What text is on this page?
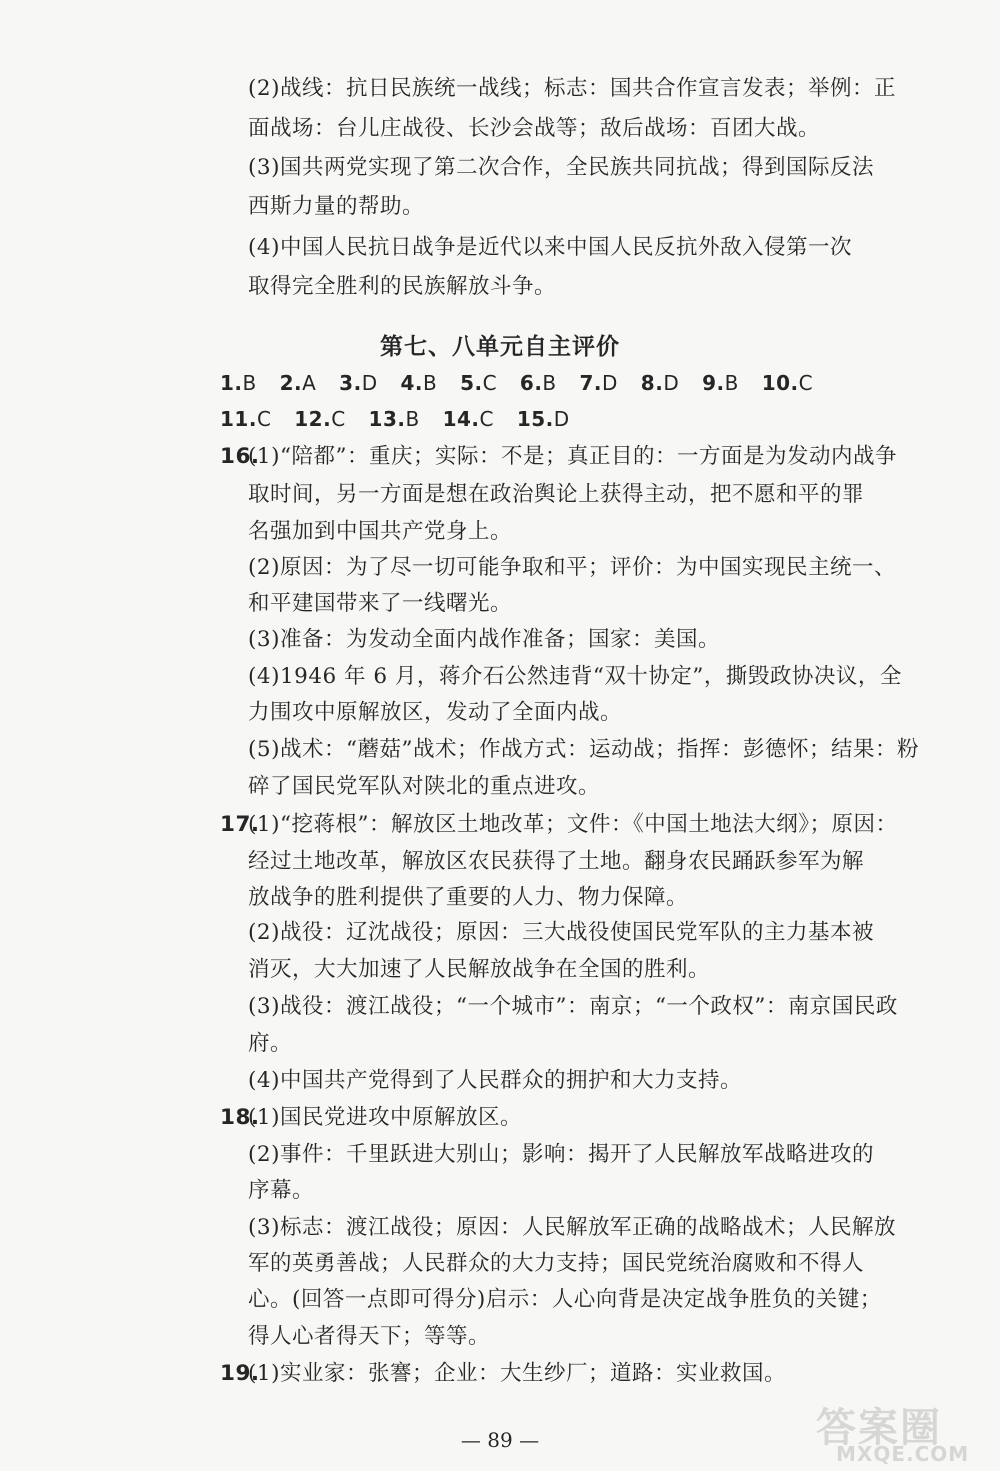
(2)战线：抗日民族统一战线；标志：国共合作宣言发表；举例：正

面战场：台儿庄战役、长沙会战等；敌后战场：百团大战。

(3)国共两党实现了第二次合作，全民族共同抗战；得到国际反法

西斯力量的帮助。

(4)中国人民抗日战争是近代以来中国人民反抗外敌入侵第一次

取得完全胜利的民族解放斗争。

第七、八单元自主评价
1.B 2.A 3.D 4.B 5.C 6.B 7.D 8.D 9.B 10.C
11.C 12.C 13.B 14.C 15.D
16.

(1)“陪都”：重庆；实际：不是；真正目的：一方面是为发动内战争

取时间，另一方面是想在政治舆论上获得主动，把不愿和平的罪

名强加到中国共产党身上。

(2)原因：为了尽一切可能争取和平；评价：为中国实现民主统一、

和平建国带来了一线曙光。

(3)准备：为发动全面内战作准备；国家：美国。

(4)1946 年 6 月，蒋介石公然违背“双十协定”，撕毁政协决议，全

力围攻中原解放区，发动了全面内战。

(5)战术：“蘑菇”战术；作战方式：运动战；指挥：彭德怀；结果：粉

碎了国民党军队对陕北的重点进攻。

17.

(1)“挖蒋根”：解放区土地改革；文件：《中国土地法大纲》；原因：

经过土地改革，解放区农民获得了土地。翻身农民踊跃参军为解

放战争的胜利提供了重要的人力、物力保障。

(2)战役：辽沈战役；原因：三大战役使国民党军队的主力基本被

消灭，大大加速了人民解放战争在全国的胜利。

(3)战役：渡江战役；“一个城市”：南京；“一个政权”：南京国民政

府。

(4)中国共产党得到了人民群众的拥护和大力支持。

18.

(1)国民党进攻中原解放区。

(2)事件：千里跃进大别山；影响：揭开了人民解放军战略进攻的

序幕。

(3)标志：渡江战役；原因：人民解放军正确的战略战术；人民解放

军的英勇善战；人民群众的大力支持；国民党统治腐败和不得人

心。(回答一点即可得分)启示：人心向背是决定战争胜负的关键；

得人心者得天下；等等。

19.

(1)实业家：张謇；企业：大生纱厂；道路：实业救国。

— 89 —	答案圈
MXQE.COM
